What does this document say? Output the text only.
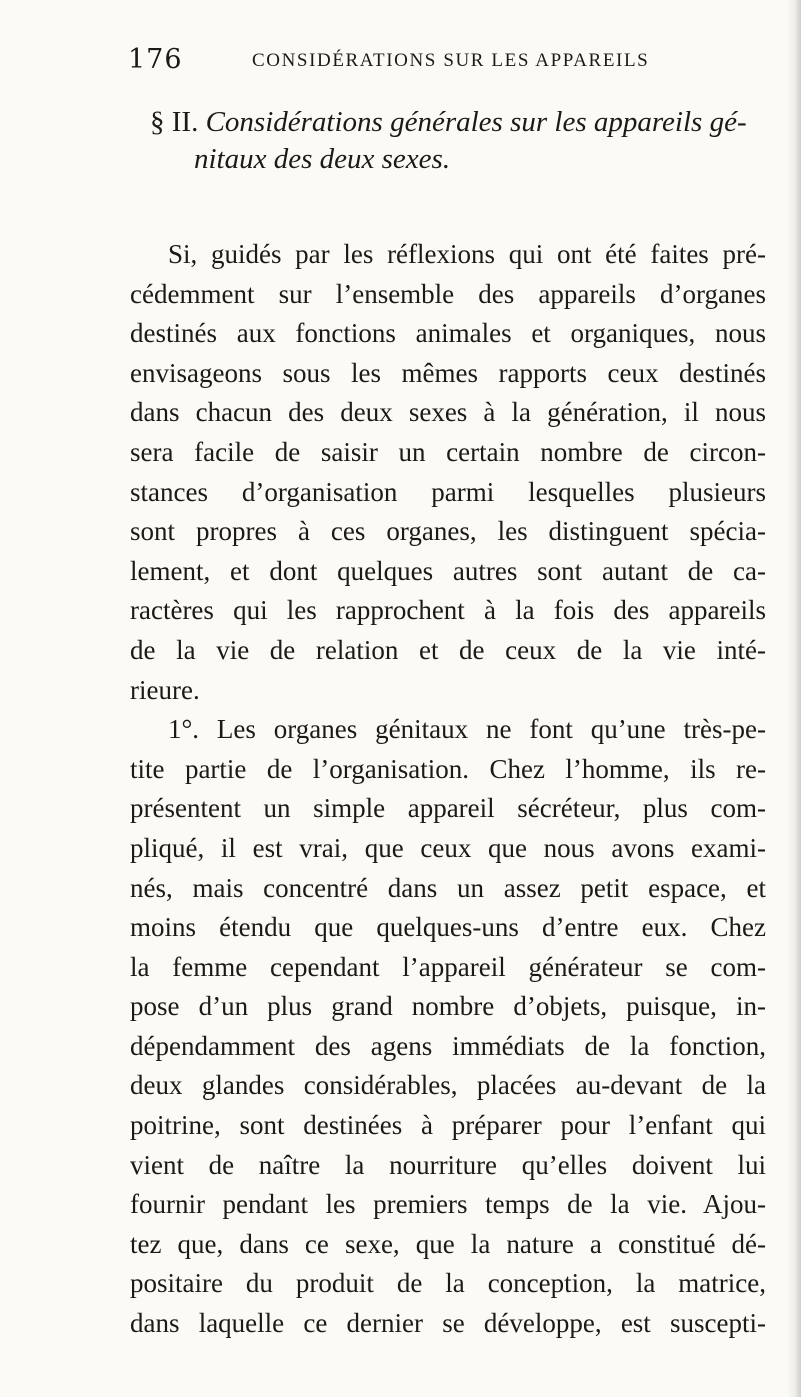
176	CONSIDÉRATIONS SUR LES APPAREILS
§ II. Considérations générales sur les appareils gé-
nitaux des deux sexes.
Si, guidés par les réflexions qui ont été faites pré-
cédemment sur l’ensemble des appareils d’organes
destinés aux fonctions animales et organiques, nous
envisageons sous les mêmes rapports ceux destinés
dans chacun des deux sexes à la génération, il nous
sera facile de saisir un certain nombre de circon-
stances d’organisation parmi lesquelles plusieurs
sont propres à ces organes, les distinguent spécia-
lement, et dont quelques autres sont autant de ca-
ractères qui les rapprochent à la fois des appareils
de la vie de relation et de ceux de la vie inté-
rieure.
1°. Les organes génitaux ne font qu’une très-pe-
tite partie de l’organisation. Chez l’homme, ils re-
présentent un simple appareil sécréteur, plus com-
pliqué, il est vrai, que ceux que nous avons exami-
nés, mais concentré dans un assez petit espace, et
moins étendu que quelques-uns d’entre eux. Chez
la femme cependant l’appareil générateur se com-
pose d’un plus grand nombre d’objets, puisque, in-
dépendamment des agens immédiats de la fonction,
deux glandes considérables, placées au-devant de la
poitrine, sont destinées à préparer pour l’enfant qui
vient de naître la nourriture qu’elles doivent lui
fournir pendant les premiers temps de la vie. Ajou-
tez que, dans ce sexe, que la nature a constitué dé-
positaire du produit de la conception, la matrice,
dans laquelle ce dernier se développe, est suscepti-
